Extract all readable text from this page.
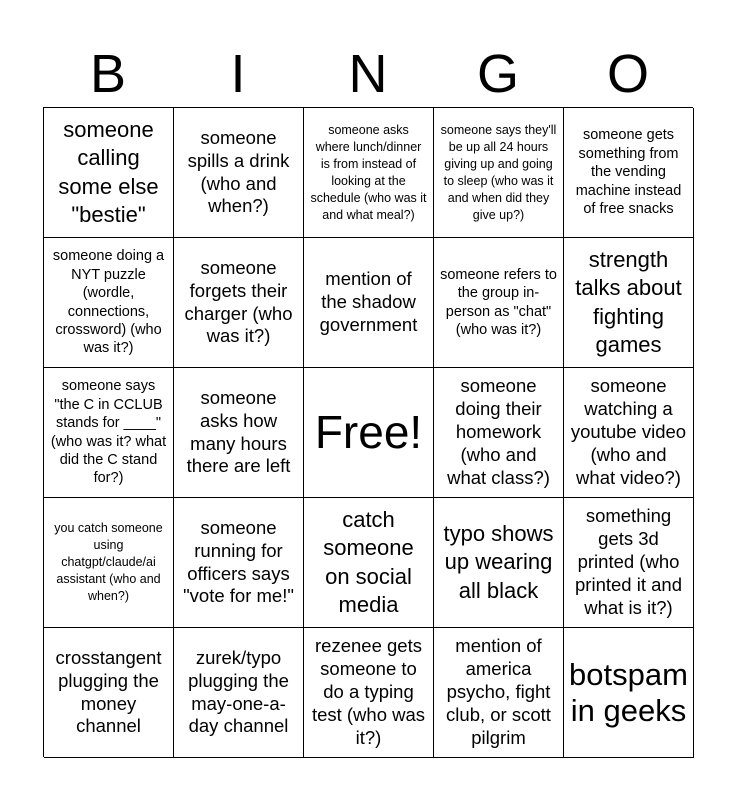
B	I	N	G	O
someone calling some else "bestie"
someone spills a drink (who and when?)
someone asks where lunch/dinner is from instead of looking at the schedule (who was it and what meal?)
someone says they'll be up all 24 hours giving up and going to sleep (who was it and when did they give up?)
someone gets something from the vending machine instead of free snacks
someone doing a NYT puzzle (wordle, connections, crossword) (who was it?)
someone forgets their charger (who was it?)
mention of the shadow government
someone refers to the group in-person as "chat" (who was it?)
strength talks about fighting games
someone says "the C in CCLUB stands for ____" (who was it? what did the C stand for?)
someone asks how many hours there are left
Free!
someone doing their homework (who and what class?)
someone watching a youtube video (who and what video?)
you catch someone using chatgpt/claude/ai assistant (who and when?)
someone running for officers says "vote for me!"
catch someone on social media
typo shows up wearing all black
something gets 3d printed (who printed it and what is it?)
crosstangent plugging the money channel
zurek/typo plugging the may-one-a-day channel
rezenee gets someone to do a typing test (who was it?)
mention of america psycho, fight club, or scott pilgrim
botspam in geeks
